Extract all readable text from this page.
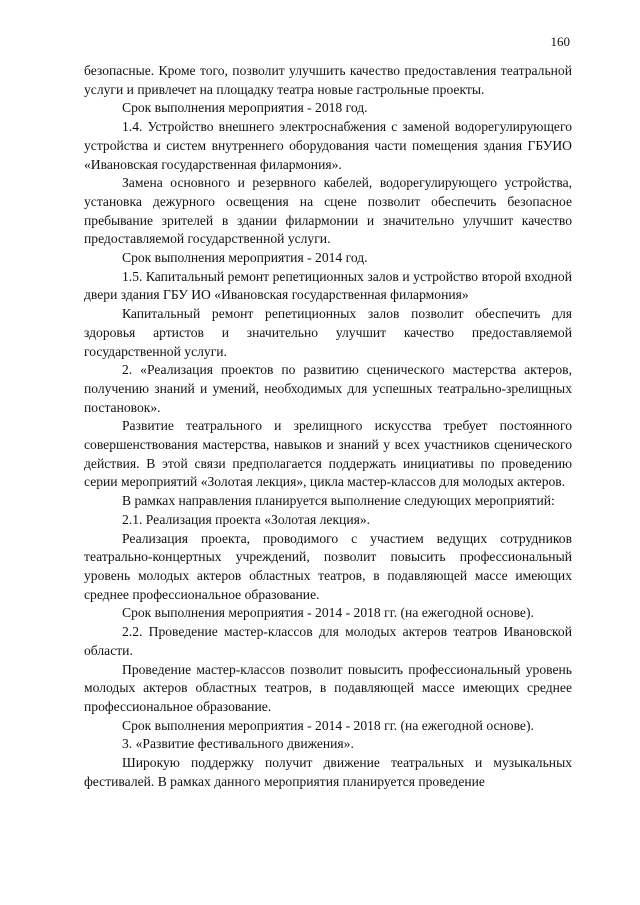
160

безопасные. Кроме того, позволит улучшить качество предоставления театральной услуги и привлечет на площадку театра новые гастрольные проекты.

Срок выполнения мероприятия - 2018 год.

1.4. Устройство внешнего электроснабжения с заменой водорегулирующего устройства и систем внутреннего оборудования части помещения здания ГБУИО «Ивановская государственная филармония».

Замена основного и резервного кабелей, водорегулирующего устройства, установка дежурного освещения на сцене позволит обеспечить безопасное пребывание зрителей в здании филармонии и значительно улучшит качество предоставляемой государственной услуги.

Срок выполнения мероприятия - 2014 год.

1.5. Капитальный ремонт репетиционных залов и устройство второй входной двери здания ГБУ ИО «Ивановская государственная филармония»

Капитальный ремонт репетиционных залов позволит обеспечить для здоровья артистов и значительно улучшит качество предоставляемой государственной услуги.

2. «Реализация проектов по развитию сценического мастерства актеров, получению знаний и умений, необходимых для успешных театрально-зрелищных постановок».

Развитие театрального и зрелищного искусства требует постоянного совершенствования мастерства, навыков и знаний у всех участников сценического действия. В этой связи предполагается поддержать инициативы по проведению серии мероприятий «Золотая лекция», цикла мастер-классов для молодых актеров.

В рамках направления планируется выполнение следующих мероприятий:

2.1. Реализация проекта «Золотая лекция».

Реализация проекта, проводимого с участием ведущих сотрудников театрально-концертных учреждений, позволит повысить профессиональный уровень молодых актеров областных театров, в подавляющей массе имеющих среднее профессиональное образование.

Срок выполнения мероприятия - 2014 - 2018 гг. (на ежегодной основе).

2.2. Проведение мастер-классов для молодых актеров театров Ивановской области.

Проведение мастер-классов позволит повысить профессиональный уровень молодых актеров областных театров, в подавляющей массе имеющих среднее профессиональное образование.

Срок выполнения мероприятия - 2014 - 2018 гг. (на ежегодной основе).

3. «Развитие фестивального движения».

Широкую поддержку получит движение театральных и музыкальных фестивалей. В рамках данного мероприятия планируется проведение
